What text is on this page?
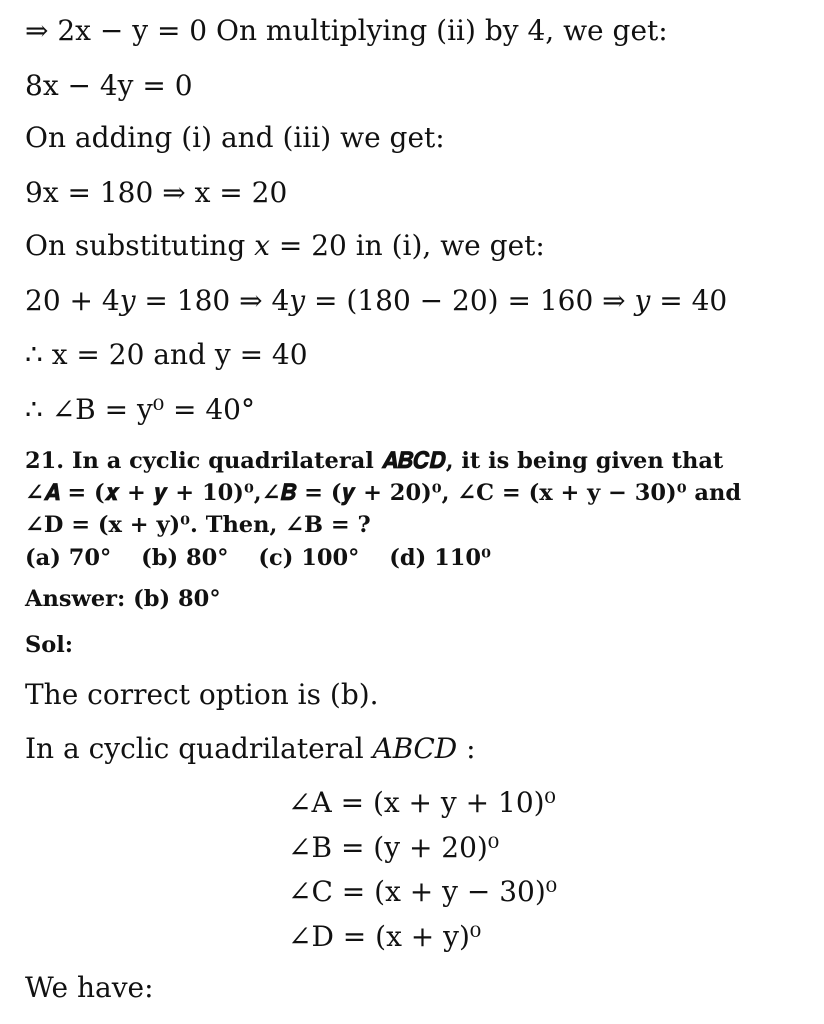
⇒ 2x − y = 0 On multiplying (ii) by 4, we get:
8x − 4y = 0
On adding (i) and (iii) we get:
9x = 180 ⇒ x = 20
On substituting 𝑥 = 20 in (i), we get:
20 + 4𝑦 = 180 ⇒ 4𝑦 = (180 − 20) = 160 ⇒ 𝑦 = 40
∴ x = 20 and y = 40
∴ ∠B = y⁰ = 40°
21. In a cyclic quadrilateral 𝑨𝑩𝑪𝑫, it is being given that
∠𝑨 = (𝒙 + 𝒚 + 10)⁰,∠𝑩 = (𝒚 + 20)⁰, ∠C = (x + y − 30)⁰ and
∠D = (x + y)⁰. Then, ∠B = ?
(a) 70° (b) 80° (c) 100° (d) 110⁰
Answer: (b) 80°
Sol:
The correct option is (b).
In a cyclic quadrilateral 𝐴𝐵𝐶𝐷 :
∠A = (x + y + 10)⁰
∠B = (y + 20)⁰
∠C = (x + y − 30)⁰
∠D = (x + y)⁰
We have:
